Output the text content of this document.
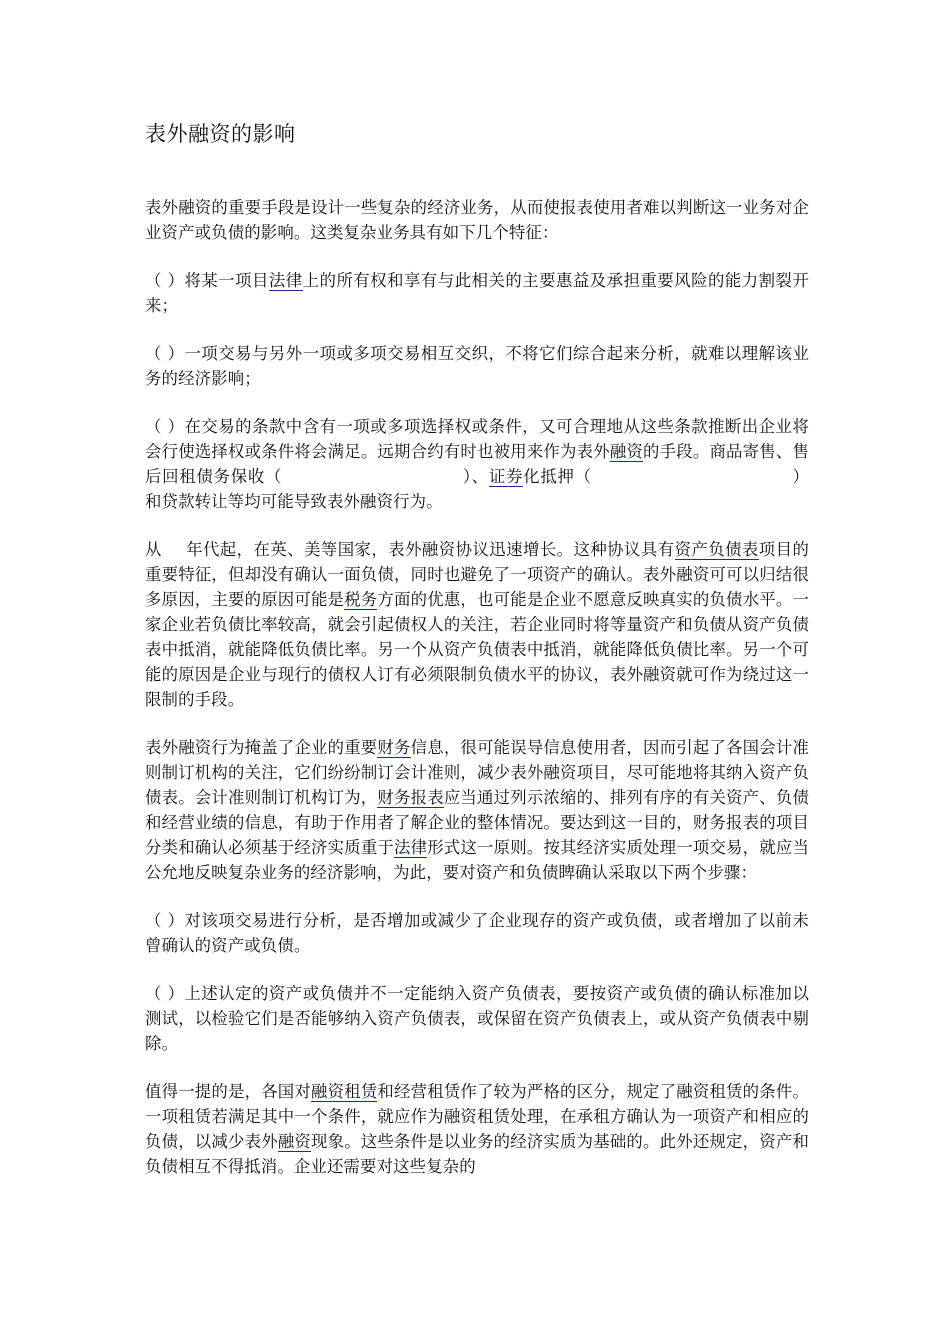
表外融资的影响

表外融资的重要手段是设计一些复杂的经济业务，从而使报表使用者难以判断这一业务对企业资产或负债的影响。这类复杂业务具有如下几个特征：

（ ）将某一项目法律上的所有权和享有与此相关的主要惠益及承担重要风险的能力割裂开来；

（ ）一项交易与另外一项或多项交易相互交织，不将它们综合起来分析，就难以理解该业务的经济影响；

（ ）在交易的条款中含有一项或多项选择权或条件，又可合理地从这些条款推断出企业将会行使选择权或条件将会满足。远期合约有时也被用来作为表外融资的手段。商品寄售、售后回租债务保收（	）、证券化抵押（	）和贷款转让等均可能导致表外融资行为。

从 年代起，在英、美等国家，表外融资协议迅速增长。这种协议具有资产负债表项目的重要特征，但却没有确认一面负债，同时也避免了一项资产的确认。表外融资可可以归结很多原因，主要的原因可能是税务方面的优惠，也可能是企业不愿意反映真实的负债水平。一家企业若负债比率较高，就会引起债权人的关注，若企业同时将等量资产和负债从资产负债表中抵消，就能降低负债比率。另一个从资产负债表中抵消，就能降低负债比率。另一个可能的原因是企业与现行的债权人订有必须限制负债水平的协议，表外融资就可作为绕过这一限制的手段。

表外融资行为掩盖了企业的重要财务信息，很可能误导信息使用者，因而引起了各国会计准则制订机构的关注，它们纷纷制订会计准则，减少表外融资项目，尽可能地将其纳入资产负债表。会计准则制订机构订为，财务报表应当通过列示浓缩的、排列有序的有关资产、负债和经营业绩的信息，有助于作用者了解企业的整体情况。要达到这一目的，财务报表的项目分类和确认必须基于经济实质重于法律形式这一原则。按其经济实质处理一项交易，就应当公允地反映复杂业务的经济影响，为此，要对资产和负债睥确认采取以下两个步骤：

（ ）对该项交易进行分析，是否增加或减少了企业现存的资产或负债，或者增加了以前未曾确认的资产或负债。

（ ）上述认定的资产或负债并不一定能纳入资产负债表，要按资产或负债的确认标准加以测试，以检验它们是否能够纳入资产负债表，或保留在资产负债表上，或从资产负债表中剔除。

值得一提的是，各国对融资租赁和经营租赁作了较为严格的区分，规定了融资租赁的条件。一项租赁若满足其中一个条件，就应作为融资租赁处理，在承租方确认为一项资产和相应的负债，以减少表外融资现象。这些条件是以业务的经济实质为基础的。此外还规定，资产和负债相互不得抵消。企业还需要对这些复杂的
